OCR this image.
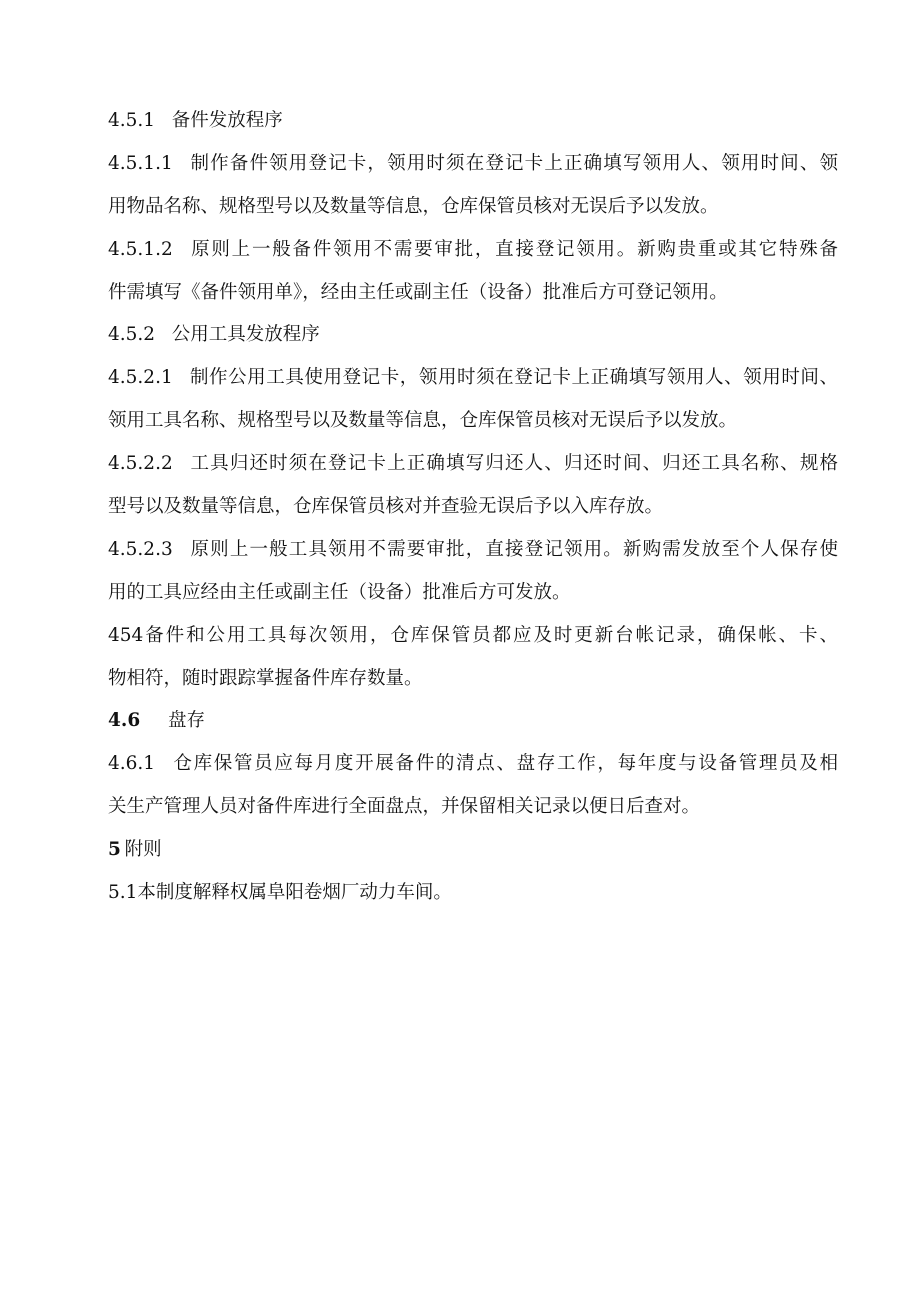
4.5.1 备件发放程序
4.5.1.1 制作备件领用登记卡，领用时须在登记卡上正确填写领用人、领用时间、领
用物品名称、规格型号以及数量等信息，仓库保管员核对无误后予以发放。
4.5.1.2 原则上一般备件领用不需要审批，直接登记领用。新购贵重或其它特殊备
件需填写《备件领用单》，经由主任或副主任（设备）批准后方可登记领用。
4.5.2 公用工具发放程序
4.5.2.1 制作公用工具使用登记卡，领用时须在登记卡上正确填写领用人、领用时间、
领用工具名称、规格型号以及数量等信息，仓库保管员核对无误后予以发放。
4.5.2.2 工具归还时须在登记卡上正确填写归还人、归还时间、归还工具名称、规格
型号以及数量等信息，仓库保管员核对并查验无误后予以入库存放。
4.5.2.3 原则上一般工具领用不需要审批，直接登记领用。新购需发放至个人保存使
用的工具应经由主任或副主任（设备）批准后方可发放。
454备件和公用工具每次领用，仓库保管员都应及时更新台帐记录，确保帐、卡、
物相符，随时跟踪掌握备件库存数量。
4.6 盘存
4.6.1 仓库保管员应每月度开展备件的清点、盘存工作，每年度与设备管理员及相
关生产管理人员对备件库进行全面盘点，并保留相关记录以便日后查对。
5 附则
5.1本制度解释权属阜阳卷烟厂动力车间。
